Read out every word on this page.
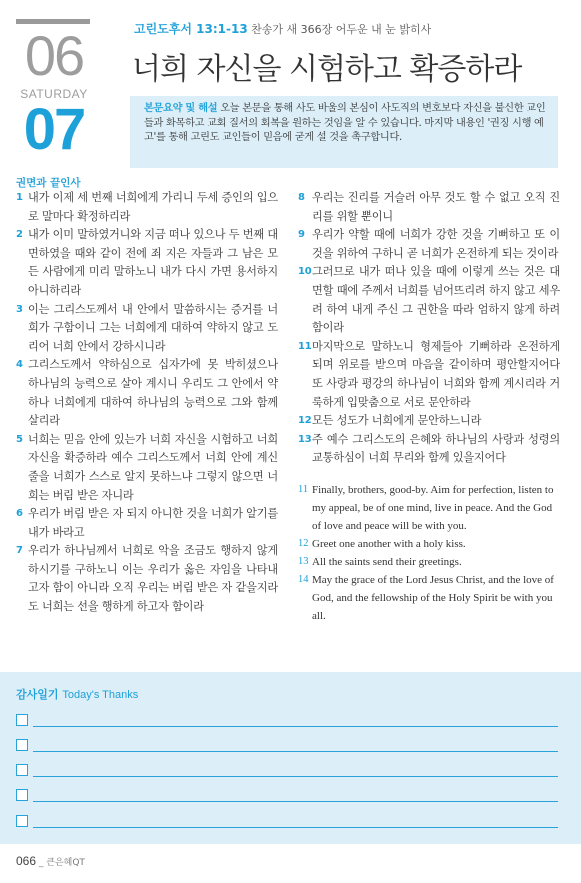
06
SATURDAY
07
고린도후서 13:1-13 찬송가 새 366장 어두운 내 눈 밝히사
너희 자신을 시험하고 확증하라
본문요약 및 해설 오늘 본문을 통해 사도 바울의 본심이 사도직의 변호보다 자신을 불신한 교인들과 화목하고 교회 질서의 회복을 원하는 것임을 알 수 있습니다. 마지막 내용인 '권징 시행 예고'를 통해 고린도 교인들이 믿음에 굳게 설 것을 촉구합니다.
권면과 끝인사
1 내가 이제 세 번째 너희에게 가리니 두세 증인의 입으로 말마다 확정하리라
2 내가 이미 말하였거니와 지금 떠나 있으나 두 번째 대면하였을 때와 같이 전에 죄 지은 자들과 그 남은 모든 사람에게 미리 말하노니 내가 다시 가면 용서하지 아니하리라
3 이는 그리스도께서 내 안에서 말씀하시는 증거를 너희가 구함이니 그는 너희에게 대하여 약하지 않고 도리어 너희 안에서 강하시니라
4 그리스도께서 약하심으로 십자가에 못 박히셨으나 하나님의 능력으로 살아 계시니 우리도 그 안에서 약하나 너희에게 대하여 하나님의 능력으로 그와 함께 살리라
5 너희는 믿음 안에 있는가 너희 자신을 시험하고 너희 자신을 확증하라 예수 그리스도께서 너희 안에 계신 줄을 너희가 스스로 알지 못하느냐 그렇지 않으면 너희는 버림 받은 자니라
6 우리가 버림 받은 자 되지 아니한 것을 너희가 알기를 내가 바라고
7 우리가 하나님께서 너희로 악을 조금도 행하지 않게 하시기를 구하노니 이는 우리가 옳은 자임을 나타내고자 함이 아니라 오직 우리는 버림 받은 자 같을지라도 너희는 선을 행하게 하고자 함이라
8 우리는 진리를 거슬러 아무 것도 할 수 없고 오직 진리를 위할 뿐이니
9 우리가 약할 때에 너희가 강한 것을 기뻐하고 또 이것을 위하여 구하니 곧 너희가 온전하게 되는 것이라
10 그러므로 내가 떠나 있을 때에 이렇게 쓰는 것은 대면할 때에 주께서 너희를 넘어뜨리려 하지 않고 세우려 하여 내게 주신 그 권한을 따라 엄하지 않게 하려 함이라
11 마지막으로 말하노니 형제들아 기뻐하라 온전하게 되며 위로를 받으며 마음을 같이하며 평안할지어다 또 사랑과 평강의 하나님이 너희와 함께 계시리라 거룩하게 입맞춤으로 서로 문안하라
12 모든 성도가 너희에게 문안하느니라
13 주 예수 그리스도의 은혜와 하나님의 사랑과 성령의 교통하심이 너희 무리와 함께 있을지어다
11 Finally, brothers, good-by. Aim for perfection, listen to my appeal, be of one mind, live in peace. And the God of love and peace will be with you.
12 Greet one another with a holy kiss.
13 All the saints send their greetings.
14 May the grace of the Lord Jesus Christ, and the love of God, and the fellowship of the Holy Spirit be with you all.
감사일기 Today's Thanks
066 _ 큰은혜QT
